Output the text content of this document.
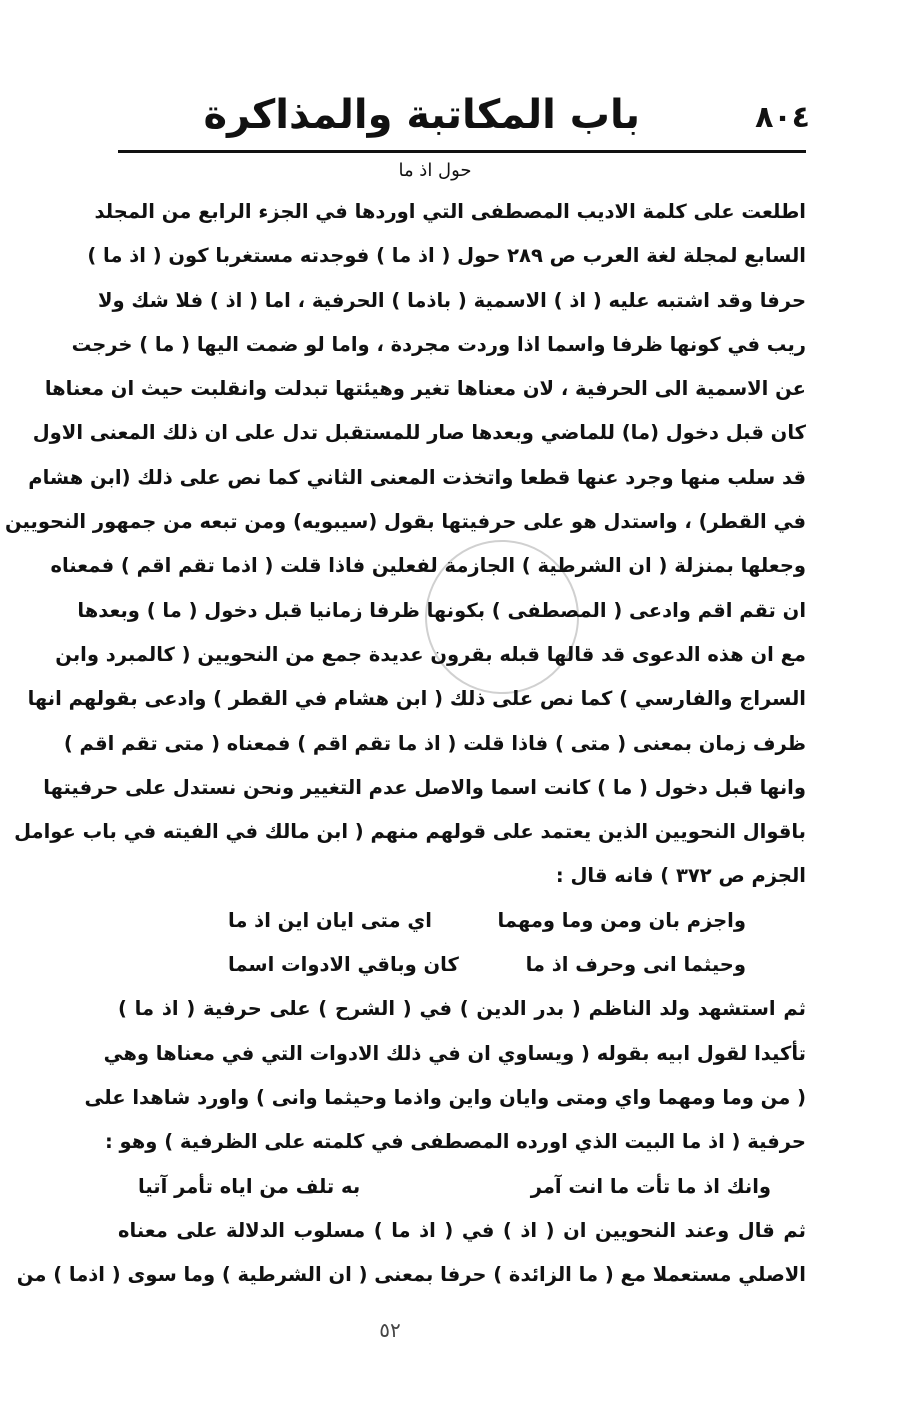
٨٠٤
باب المكاتبة والمذاكرة
حول اذ ما
اطلعت على كلمة الاديب المصطفى التي اوردها في الجزء الرابع من المجلد
السابع لمجلة لغة العرب ص ٢٨٩ حول ( اذ ما ) فوجدته مستغربا كون ( اذ ما )
حرفا وقد اشتبه عليه ( اذ ) الاسمية ( باذما ) الحرفية ، اما ( اذ ) فلا شك ولا
ريب في كونها ظرفا واسما اذا وردت مجردة ، واما لو ضمت اليها ( ما ) خرجت
عن الاسمية الى الحرفية ، لان معناها تغير وهيئتها تبدلت وانقلبت حيث ان معناها
كان قبل دخول (ما) للماضي وبعدها صار للمستقبل تدل على ان ذلك المعنى الاول
قد سلب منها وجرد عنها قطعا واتخذت المعنى الثاني كما نص على ذلك (ابن هشام
في القطر) ، واستدل هو على حرفيتها بقول (سيبويه) ومن تبعه من جمهور النحويين
وجعلها بمنزلة ( ان الشرطية ) الجازمة لفعلين فاذا قلت ( اذما تقم اقم ) فمعناه
ان تقم اقم وادعى ( المصطفى ) بكونها ظرفا زمانيا قبل دخول ( ما ) وبعدها
مع ان هذه الدعوى قد قالها قبله بقرون عديدة جمع من النحويين ( كالمبرد وابن
السراج والفارسي ) كما نص على ذلك ( ابن هشام في القطر ) وادعى بقولهم انها
ظرف زمان بمعنى ( متى ) فاذا قلت ( اذ ما تقم اقم ) فمعناه ( متى تقم اقم )
وانها قبل دخول ( ما ) كانت اسما والاصل عدم التغيير ونحن نستدل على حرفيتها
باقوال النحويين الذين يعتمد على قولهم منهم ( ابن مالك في الفيته في باب عوامل
الجزم ص ٣٧٢ ) فانه قال :
واجزم بان ومن وما ومهما
اي متى ايان اين اذ ما
وحيثما انى وحرف اذ ما
كان وباقي الادوات اسما
ثم استشهد ولد الناظم ( بدر الدين ) في ( الشرح ) على حرفية ( اذ ما )
تأكيدا لقول ابيه بقوله ( ويساوي ان في ذلك الادوات التي في معناها وهي
( من وما ومهما واي ومتى وايان واين واذما وحيثما وانى ) واورد شاهدا على
حرفية ( اذ ما البيت الذي اورده المصطفى في كلمته على الظرفية ) وهو :
وانك اذ ما تأت ما انت آمر
به تلف من اياه تأمر آتيا
ثم قال وعند النحويين ان ( اذ ) في ( اذ ما ) مسلوب الدلالة على معناه
الاصلي مستعملا مع ( ما الزائدة ) حرفا بمعنى ( ان الشرطية ) وما سوى ( اذما ) من
٥٢
